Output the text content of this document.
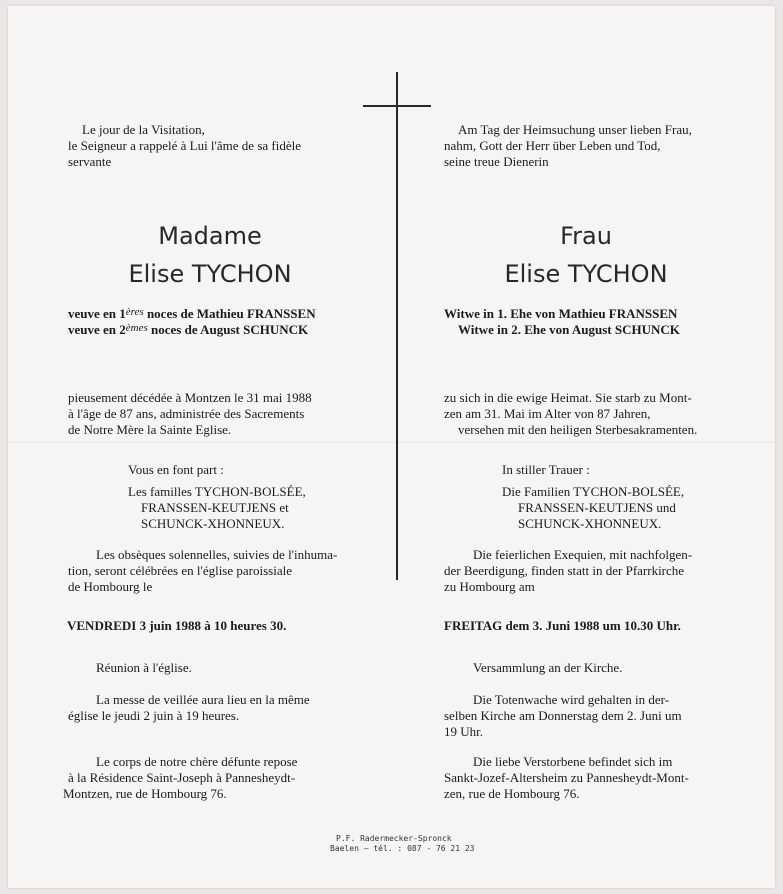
Le jour de la Visitation,
le Seigneur a rappelé à Lui l'âme de sa fidèle
servante
Madame
Elise TYCHON
veuve en 1ères noces de Mathieu FRANSSEN
veuve en 2èmes noces de August SCHUNCK
pieusement décédée à Montzen le 31 mai 1988
à l'âge de 87 ans, administrée des Sacrements
de Notre Mère la Sainte Eglise.
Vous en font part :
Les familles TYCHON-BOLSÉE,
FRANSSEN-KEUTJENS et
SCHUNCK-XHONNEUX.
Les obsèques solennelles, suivies de l'inhuma-
tion, seront célébrées en l'église paroissiale
de Hombourg le
VENDREDI 3 juin 1988 à 10 heures 30.
Réunion à l'église.
La messe de veillée aura lieu en la même
église le jeudi 2 juin à 19 heures.
Le corps de notre chère défunte repose
à la Résidence Saint-Joseph à Pannesheydt-
Montzen, rue de Hombourg 76.
Am Tag der Heimsuchung unser lieben Frau,
nahm, Gott der Herr über Leben und Tod,
seine treue Dienerin
Frau
Elise TYCHON
Witwe in 1. Ehe von Mathieu FRANSSEN
Witwe in 2. Ehe von August SCHUNCK
zu sich in die ewige Heimat. Sie starb zu Mont-
zen am 31. Mai im Alter von 87 Jahren,
versehen mit den heiligen Sterbesakramenten.
In stiller Trauer :
Die Familien TYCHON-BOLSÉE,
FRANSSEN-KEUTJENS und
SCHUNCK-XHONNEUX.
Die feierlichen Exequien, mit nachfolgen-
der Beerdigung, finden statt in der Pfarrkirche
zu Hombourg am
FREITAG dem 3. Juni 1988 um 10.30 Uhr.
Versammlung an der Kirche.
Die Totenwache wird gehalten in der-
selben Kirche am Donnerstag dem 2. Juni um
19 Uhr.
Die liebe Verstorbene befindet sich im
Sankt-Jozef-Altersheim zu Pannesheydt-Mont-
zen, rue de Hombourg 76.
P.F. Radermecker-Spronck
Baelen — tél. : 087 - 76 21 23
